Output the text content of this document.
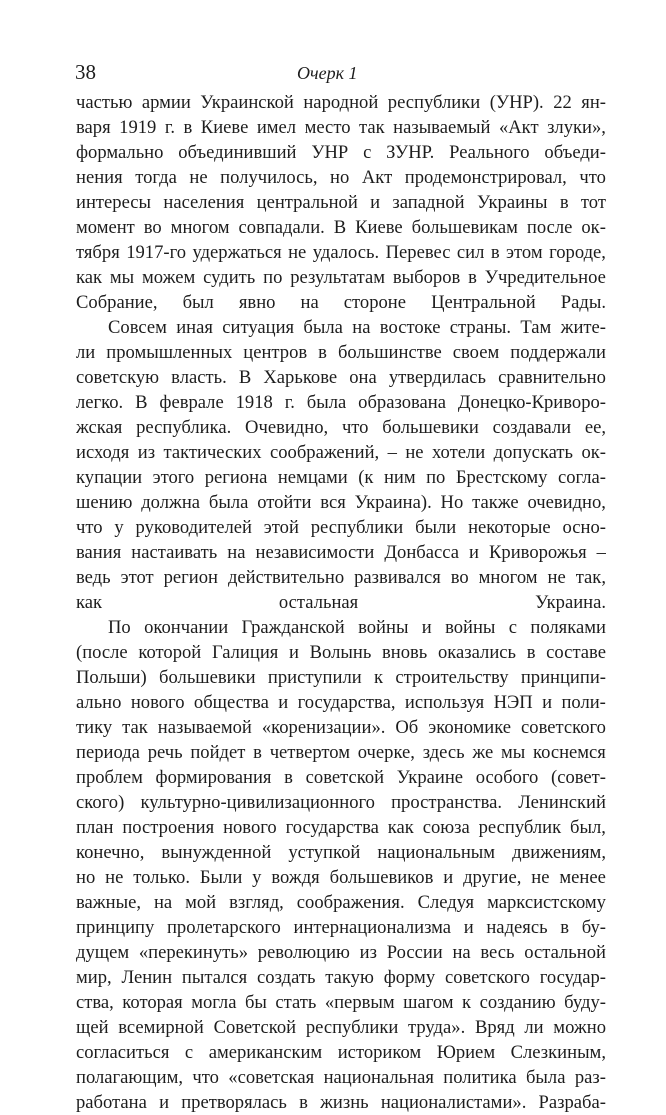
38	Очерк 1
частью армии Украинской народной республики (УНР). 22 ян-
варя 1919 г. в Киеве имел место так называемый «Акт злуки»,
формально объединивший УНР с ЗУНР. Реального объеди-
нения тогда не получилось, но Акт продемонстрировал, что
интересы населения центральной и западной Украины в тот
момент во многом совпадали. В Киеве большевикам после ок-
тября 1917-го удержаться не удалось. Перевес сил в этом городе,
как мы можем судить по результатам выборов в Учредительное
Собрание, был явно на стороне Центральной Рады.
Совсем иная ситуация была на востоке страны. Там жите-
ли промышленных центров в большинстве своем поддержали
советскую власть. В Харькове она утвердилась сравнительно
легко. В феврале 1918 г. была образована Донецко-Криворо-
жская республика. Очевидно, что большевики создавали ее,
исходя из тактических соображений, – не хотели допускать ок-
купации этого региона немцами (к ним по Брестскому согла-
шению должна была отойти вся Украина). Но также очевидно,
что у руководителей этой республики были некоторые осно-
вания настаивать на независимости Донбасса и Криворожья –
ведь этот регион действительно развивался во многом не так,
как остальная Украина.
По окончании Гражданской войны и войны с поляками
(после которой Галиция и Волынь вновь оказались в составе
Польши) большевики приступили к строительству принципи-
ально нового общества и государства, используя НЭП и поли-
тику так называемой «коренизации». Об экономике советского
периода речь пойдет в четвертом очерке, здесь же мы коснемся
проблем формирования в советской Украине особого (совет-
ского) культурно-цивилизационного пространства. Ленинский
план построения нового государства как союза республик был,
конечно, вынужденной уступкой национальным движениям,
но не только. Были у вождя большевиков и другие, не менее
важные, на мой взгляд, соображения. Следуя марксистскому
принципу пролетарского интернационализма и надеясь в бу-
дущем «перекинуть» революцию из России на весь остальной
мир, Ленин пытался создать такую форму советского государ-
ства, которая могла бы стать «первым шагом к созданию буду-
щей всемирной Советской республики труда». Вряд ли можно
согласиться с американским историком Юрием Слезкиным,
полагающим, что «советская национальная политика была раз-
работана и претворялась в жизнь националистами». Разраба-
